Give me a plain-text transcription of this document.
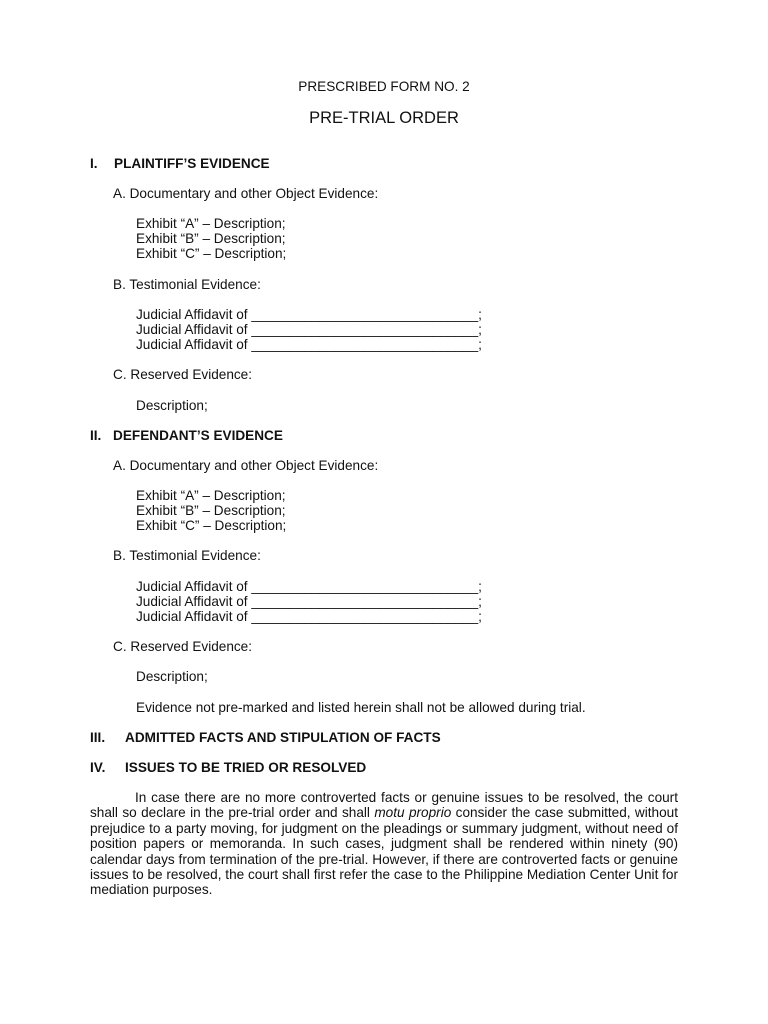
PRESCRIBED FORM NO. 2
PRE-TRIAL ORDER
I. PLAINTIFF’S EVIDENCE
A. Documentary and other Object Evidence:
Exhibit “A” – Description;
Exhibit “B” – Description;
Exhibit “C” – Description;
B. Testimonial Evidence:
Judicial Affidavit of ______________________________;
Judicial Affidavit of ______________________________;
Judicial Affidavit of ______________________________;
C. Reserved Evidence:
Description;
II. DEFENDANT’S EVIDENCE
A. Documentary and other Object Evidence:
Exhibit “A” – Description;
Exhibit “B” – Description;
Exhibit “C” – Description;
B. Testimonial Evidence:
Judicial Affidavit of ______________________________;
Judicial Affidavit of ______________________________;
Judicial Affidavit of ______________________________;
C. Reserved Evidence:
Description;
Evidence not pre-marked and listed herein shall not be allowed during trial.
III. ADMITTED FACTS AND STIPULATION OF FACTS
IV. ISSUES TO BE TRIED OR RESOLVED
In case there are no more controverted facts or genuine issues to be resolved, the court shall so declare in the pre-trial order and shall motu proprio consider the case submitted, without prejudice to a party moving, for judgment on the pleadings or summary judgment, without need of position papers or memoranda. In such cases, judgment shall be rendered within ninety (90) calendar days from termination of the pre-trial. However, if there are controverted facts or genuine issues to be resolved, the court shall first refer the case to the Philippine Mediation Center Unit for mediation purposes.
